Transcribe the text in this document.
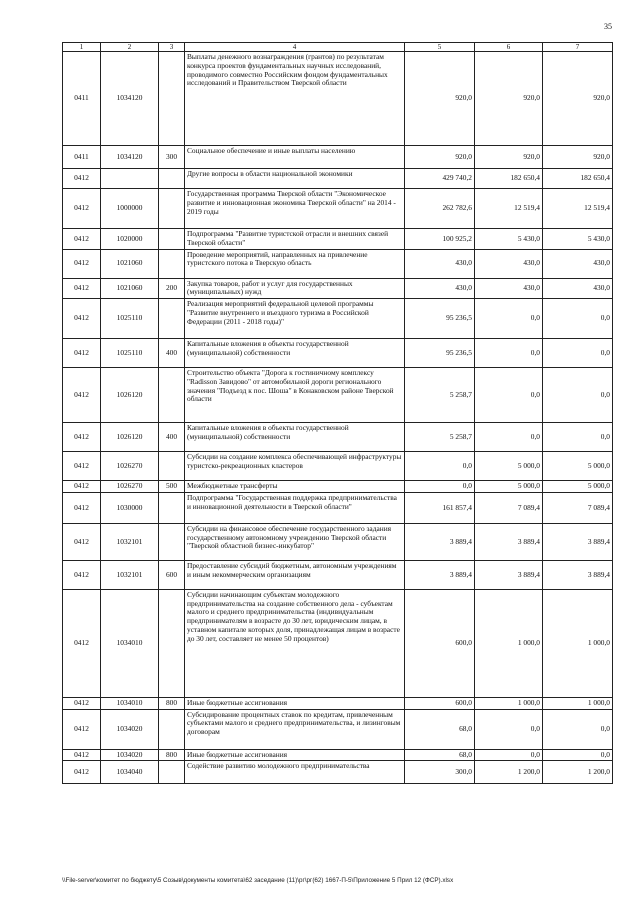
35
1	2	3	4	5	6	7
0411	1034120		Выплаты денежного вознаграждения (грантов) по результатам конкурса проектов фундаментальных научных исследований, проводимого совместно Российским фондом фундаментальных исследований и Правительством Тверской области	920,0	920,0	920,0
0411	1034120	300	Социальное обеспечение и иные выплаты населению	920,0	920,0	920,0
0412			Другие вопросы в области национальной экономики	429 740,2	182 650,4	182 650,4
0412	1000000		Государственная программа Тверской области "Экономическое развитие и инновационная экономика Тверской области" на 2014 - 2019 годы	262 782,6	12 519,4	12 519,4
0412	1020000		Подпрограмма "Развитие туристской отрасли и внешних связей Тверской области"	100 925,2	5 430,0	5 430,0
0412	1021060		Проведение мероприятий, направленных на привлечение туристского потока в Тверскую область	430,0	430,0	430,0
0412	1021060	200	Закупка товаров, работ и услуг для государственных (муниципальных) нужд	430,0	430,0	430,0
0412	1025110		Реализация мероприятий федеральной целевой программы "Развитие внутреннего и въездного туризма в Российской Федерации (2011 - 2018 годы)"	95 236,5	0,0	0,0
0412	1025110	400	Капитальные вложения в объекты государственной (муниципальной) собственности	95 236,5	0,0	0,0
0412	1026120		Строительство объекта "Дорога к гостиничному комплексу "Radisson Завидово" от автомобильной дороги регионального значения "Подъезд к пос. Шоша" в Конаковском районе Тверской области	5 258,7	0,0	0,0
0412	1026120	400	Капитальные вложения в объекты государственной (муниципальной) собственности	5 258,7	0,0	0,0
0412	1026270		Субсидии на создание комплекса обеспечивающей инфраструктуры туристско-рекреационных кластеров	0,0	5 000,0	5 000,0
0412	1026270	500	Межбюджетные трансферты	0,0	5 000,0	5 000,0
0412	1030000		Подпрограмма "Государственная поддержка предпринимательства и инновационной деятельности в Тверской области"	161 857,4	7 089,4	7 089,4
0412	1032101		Субсидии на финансовое обеспечение государственного задания государственному автономному учреждению Тверской области "Тверской областной бизнес-инкубатор"	3 889,4	3 889,4	3 889,4
0412	1032101	600	Предоставление субсидий бюджетным, автономным учреждениям и иным некоммерческим организациям	3 889,4	3 889,4	3 889,4
0412	1034010		Субсидии начинающим субъектам молодежного предпринимательства на создание собственного дела - субъектам малого и среднего предпринимательства (индивидуальным предпринимателям в возрасте до 30 лет, юридическим лицам, в уставном капитале которых доля, принадлежащая лицам в возрасте до 30 лет, составляет не менее 50 процентов)	600,0	1 000,0	1 000,0
0412	1034010	800	Иные бюджетные ассигнования	600,0	1 000,0	1 000,0
0412	1034020		Субсидирование процентных ставок по кредитам, привлеченным субъектами малого и среднего предпринимательства, и лизинговым договорам	68,0	0,0	0,0
0412	1034020	800	Иные бюджетные ассигнования	68,0	0,0	0,0
0412	1034040		Содействие развитию молодежного предпринимательства	300,0	1 200,0	1 200,0
\\File-server\комитет по бюджету\5 Созыв\документы комитета\62 заседание (11)\рг\рг(62) 1667-П-5\Приложение 5 Прил 12 (ФСР).xlsx
